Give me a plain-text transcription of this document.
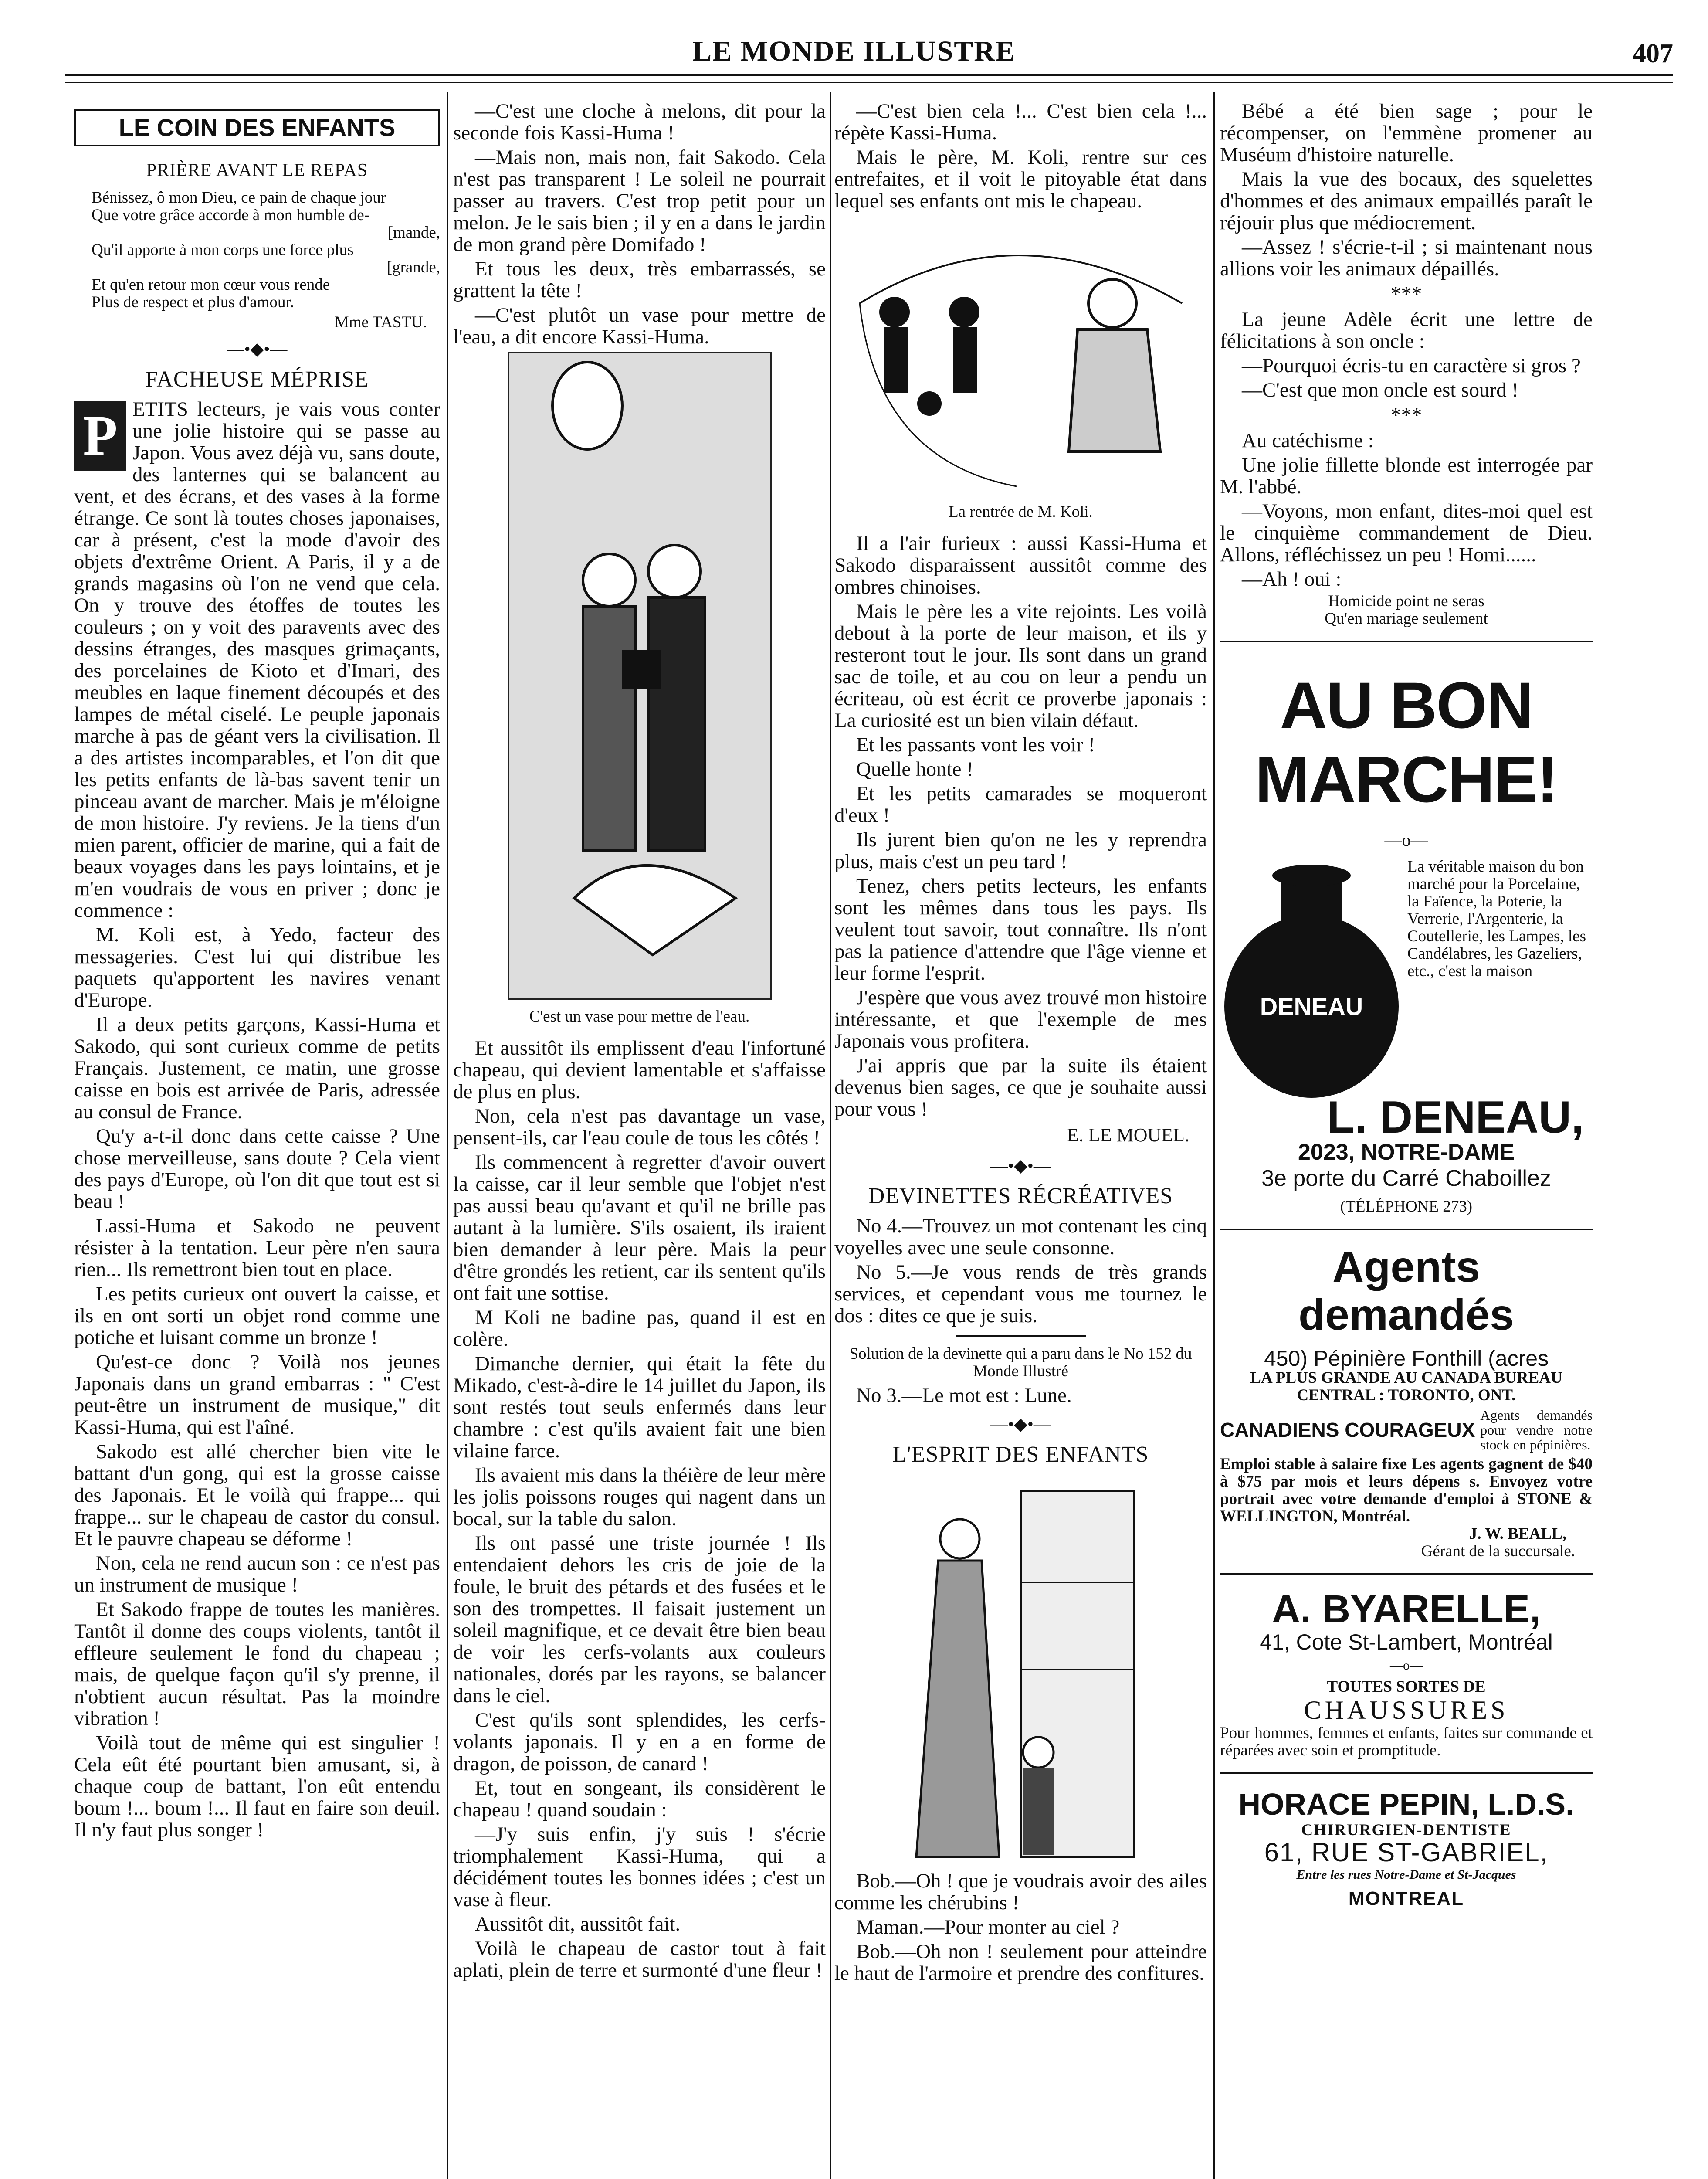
LE MONDE ILLUSTRE	407
LE COIN DES ENFANTS
PRIÈRE AVANT LE REPAS
Bénissez, ô mon Dieu, ce pain de chaque jour
Que votre grâce accorde à mon humble de-
[mande,
Qu'il apporte à mon corps une force plus
[grande,
Et qu'en retour mon cœur vous rende
Plus de respect et plus d'amour.
Mme TASTU.
—•◆•—
FACHEUSE MÉPRISE
P ETITS lecteurs, je vais vous conter une jolie histoire qui se passe au Japon. Vous avez déjà vu, sans doute, des lanternes qui se balancent au vent, et des écrans, et des vases à la forme étrange. Ce sont là toutes choses japonaises, car à présent, c'est la mode d'avoir des objets d'extrême Orient. A Paris, il y a de grands magasins où l'on ne vend que cela. On y trouve des étoffes de toutes les couleurs ; on y voit des paravents avec des dessins étranges, des masques grimaçants, des porcelaines de Kioto et d'Imari, des meubles en laque finement découpés et des lampes de métal ciselé. Le peuple japonais marche à pas de géant vers la civilisation. Il a des artistes incomparables, et l'on dit que les petits enfants de là-bas savent tenir un pinceau avant de marcher. Mais je m'éloigne de mon histoire. J'y reviens. Je la tiens d'un mien parent, officier de marine, qui a fait de beaux voyages dans les pays lointains, et je m'en voudrais de vous en priver ; donc je commence :

M. Koli est, à Yedo, facteur des messageries. C'est lui qui distribue les paquets qu'apportent les navires venant d'Europe.

Il a deux petits garçons, Kassi-Huma et Sakodo, qui sont curieux comme de petits Français. Justement, ce matin, une grosse caisse en bois est arrivée de Paris, adressée au consul de France.

Qu'y a-t-il donc dans cette caisse ? Une chose merveilleuse, sans doute ? Cela vient des pays d'Europe, où l'on dit que tout est si beau !

Lassi-Huma et Sakodo ne peuvent résister à la tentation. Leur père n'en saura rien... Ils remettront bien tout en place.

Les petits curieux ont ouvert la caisse, et ils en ont sorti un objet rond comme une potiche et luisant comme un bronze !

Qu'est-ce donc ? Voilà nos jeunes Japonais dans un grand embarras : " C'est peut-être un instrument de musique," dit Kassi-Huma, qui est l'aîné.

Sakodo est allé chercher bien vite le battant d'un gong, qui est la grosse caisse des Japonais. Et le voilà qui frappe... qui frappe... sur le chapeau de castor du consul. Et le pauvre chapeau se déforme !

Non, cela ne rend aucun son : ce n'est pas un instrument de musique !

Et Sakodo frappe de toutes les manières. Tantôt il donne des coups violents, tantôt il effleure seulement le fond du chapeau ; mais, de quelque façon qu'il s'y prenne, il n'obtient aucun résultat. Pas la moindre vibration !

Voilà tout de même qui est singulier ! Cela eût été pourtant bien amusant, si, à chaque coup de battant, l'on eût entendu boum !... boum !... Il faut en faire son deuil. Il n'y faut plus songer !

—C'est une cloche à melons, dit pour la seconde fois Kassi-Huma !

—Mais non, mais non, fait Sakodo. Cela n'est pas transparent ! Le soleil ne pourrait passer au travers. C'est trop petit pour un melon. Je le sais bien ; il y en a dans le jardin de mon grand père Domifado !

Et tous les deux, très embarrassés, se grattent la tête !

—C'est plutôt un vase pour mettre de l'eau, a dit encore Kassi-Huma.

C'est un vase pour mettre de l'eau.

Et aussitôt ils emplissent d'eau l'infortuné chapeau, qui devient lamentable et s'affaisse de plus en plus.

Non, cela n'est pas davantage un vase, pensent-ils, car l'eau coule de tous les côtés !

Ils commencent à regretter d'avoir ouvert la caisse, car il leur semble que l'objet n'est pas aussi beau qu'avant et qu'il ne brille pas autant à la lumière. S'ils osaient, ils iraient bien demander à leur père. Mais la peur d'être grondés les retient, car ils sentent qu'ils ont fait une sottise.

M Koli ne badine pas, quand il est en colère.

Dimanche dernier, qui était la fête du Mikado, c'est-à-dire le 14 juillet du Japon, ils sont restés tout seuls enfermés dans leur chambre : c'est qu'ils avaient fait une bien vilaine farce.

Ils avaient mis dans la théière de leur mère les jolis poissons rouges qui nagent dans un bocal, sur la table du salon.

Ils ont passé une triste journée ! Ils entendaient dehors les cris de joie de la foule, le bruit des pétards et des fusées et le son des trompettes. Il faisait justement un soleil magnifique, et ce devait être bien beau de voir les cerfs-volants aux couleurs nationales, dorés par les rayons, se balancer dans le ciel.

C'est qu'ils sont splendides, les cerfs-volants japonais. Il y en a en forme de dragon, de poisson, de canard !

Et, tout en songeant, ils considèrent le chapeau ! quand soudain :

—J'y suis enfin, j'y suis ! s'écrie triomphalement Kassi-Huma, qui a décidément toutes les bonnes idées ; c'est un vase à fleur.

Aussitôt dit, aussitôt fait.

Voilà le chapeau de castor tout à fait aplati, plein de terre et surmonté d'une fleur !

—C'est bien cela !... C'est bien cela !... répète Kassi-Huma.

Mais le père, M. Koli, rentre sur ces entrefaites, et il voit le pitoyable état dans lequel ses enfants ont mis le chapeau.

La rentrée de M. Koli.

Il a l'air furieux : aussi Kassi-Huma et Sakodo disparaissent aussitôt comme des ombres chinoises.

Mais le père les a vite rejoints. Les voilà debout à la porte de leur maison, et ils y resteront tout le jour. Ils sont dans un grand sac de toile, et au cou on leur a pendu un écriteau, où est écrit ce proverbe japonais : La curiosité est un bien vilain défaut.

Et les passants vont les voir !

Quelle honte !

Et les petits camarades se moqueront d'eux !

Ils jurent bien qu'on ne les y reprendra plus, mais c'est un peu tard !

Tenez, chers petits lecteurs, les enfants sont les mêmes dans tous les pays. Ils veulent tout savoir, tout connaître. Ils n'ont pas la patience d'attendre que l'âge vienne et leur forme l'esprit.

J'espère que vous avez trouvé mon histoire intéressante, et que l'exemple de mes Japonais vous profitera.

J'ai appris que par la suite ils étaient devenus bien sages, ce que je souhaite aussi pour vous !

E. LE MOUEL.
—•◆•—
DEVINETTES RÉCRÉATIVES

No 4.—Trouvez un mot contenant les cinq voyelles avec une seule consonne.

No 5.—Je vous rends de très grands services, et cependant vous me tournez le dos : dites ce que je suis.

Solution de la devinette qui a paru dans le No 152 du Monde Illustré

No 3.—Le mot est : Lune.

—•◆•—
L'ESPRIT DES ENFANTS

Bob.—Oh ! que je voudrais avoir des ailes comme les chérubins !

Maman.—Pour monter au ciel ?

Bob.—Oh non ! seulement pour atteindre le haut de l'armoire et prendre des confitures.

Bébé a été bien sage ; pour le récompenser, on l'emmène promener au Muséum d'histoire naturelle.

Mais la vue des bocaux, des squelettes d'hommes et des animaux empaillés paraît le réjouir plus que médiocrement.

—Assez ! s'écrie-t-il ; si maintenant nous allions voir les animaux dépaillés.

***

La jeune Adèle écrit une lettre de félicitations à son oncle :

—Pourquoi écris-tu en caractère si gros ?

—C'est que mon oncle est sourd !

***

Au catéchisme :

Une jolie fillette blonde est interrogée par M. l'abbé.

—Voyons, mon enfant, dites-moi quel est le cinquième commandement de Dieu. Allons, réfléchissez un peu ! Homi......

—Ah ! oui :

Homicide point ne seras
Qu'en mariage seulement
AU BON MARCHE!
—o—
DENEAU
La véritable maison du bon marché pour la Porcelaine, la Faïence, la Poterie, la Verrerie, l'Argenterie, la Coutellerie, les Lampes, les Candélabres, les Gazeliers, etc., c'est la maison
L. DENEAU,
2023, NOTRE-DAME
3e porte du Carré Chaboillez
(TÉLÉPHONE 273)
Agents demandés
450) Pépinière Fonthill (acres
LA PLUS GRANDE AU CANADA BUREAU
CENTRAL : TORONTO, ONT.
CANADIENS COURAGEUX
Agents demandés pour vendre notre stock en pépinières.
Emploi stable à salaire fixe Les agents gagnent de $40 à $75 par mois et leurs dépens s. Envoyez votre portrait avec votre demande d'emploi à STONE & WELLINGTON, Montréal.
J. W. BEALL,
Gérant de la succursale.
A. BYARELLE,
41, Cote St-Lambert, Montréal
—o—
TOUTES SORTES DE
CHAUSSURES
Pour hommes, femmes et enfants, faites sur commande et réparées avec soin et promptitude.
HORACE PEPIN, L.D.S.
CHIRURGIEN-DENTISTE
61, RUE ST-GABRIEL,
Entre les rues Notre-Dame et St-Jacques
MONTREAL
